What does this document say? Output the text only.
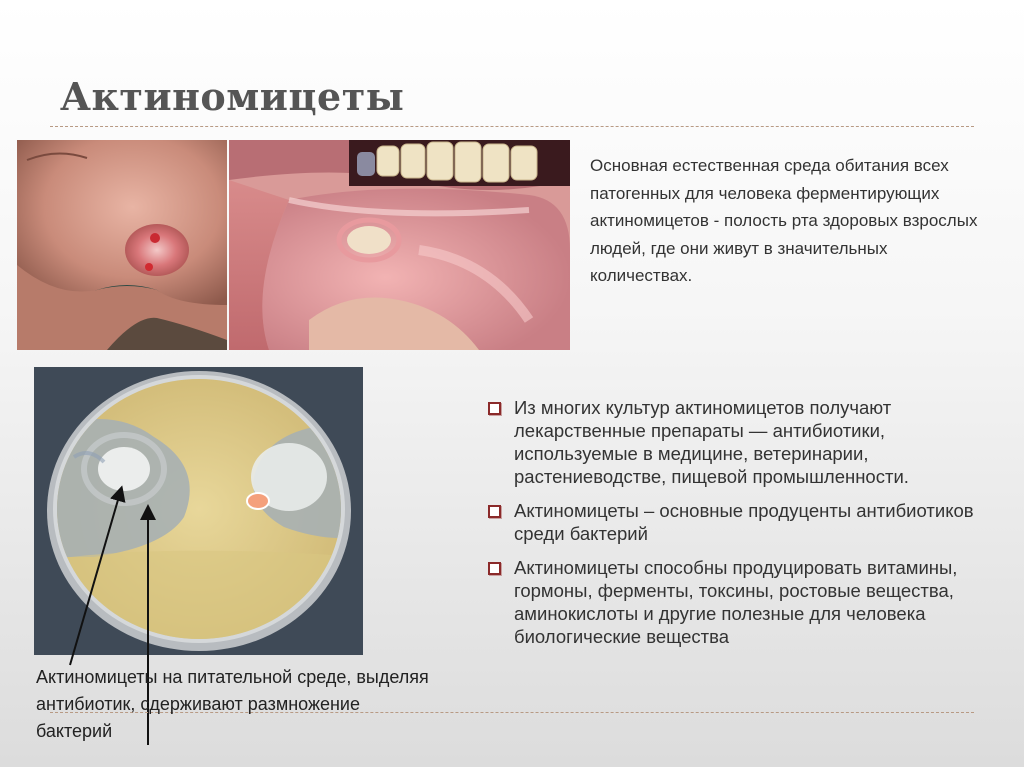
Актиномицеты

Основная естественная среда обитания всех патогенных для человека ферментирующих актиномицетов - полость рта здоровых взрослых людей, где они живут в значительных количествах.

Из многих культур актиномицетов получают лекарственные препараты — антибиотики, используемые в медицине, ветеринарии, растениеводстве, пищевой промышленности.
Актиномицеты – основные продуценты антибиотиков среди бактерий
Актиномицеты способны продуцировать витамины, гормоны, ферменты, токсины, ростовые вещества, аминокислоты и другие полезные для человека биологические вещества

Актиномицеты на питательной среде, выделяя антибиотик, сдерживают размножение бактерий
